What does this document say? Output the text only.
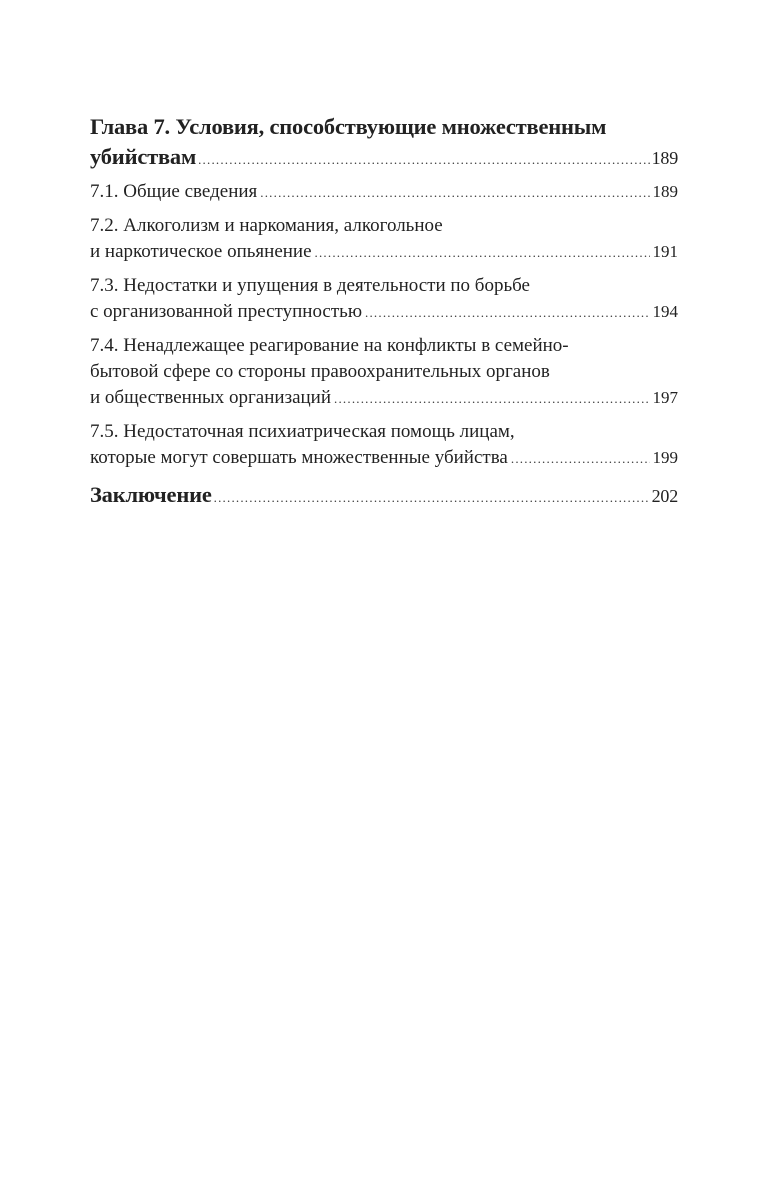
Глава 7. Условия, способствующие множественным
убийствам .....	189
7.1. Общие сведения .....	189
7.2. Алкоголизм и наркомания, алкогольное
и наркотическое опьянение .....	191
7.3. Недостатки и упущения в деятельности по борьбе
с организованной преступностью .....	194
7.4. Ненадлежащее реагирование на конфликты в семейно-
бытовой сфере со стороны правоохранительных органов
и общественных организаций .....	197
7.5. Недостаточная психиатрическая помощь лицам,
которые могут совершать множественные убийства .....	199
Заключение .....	202
